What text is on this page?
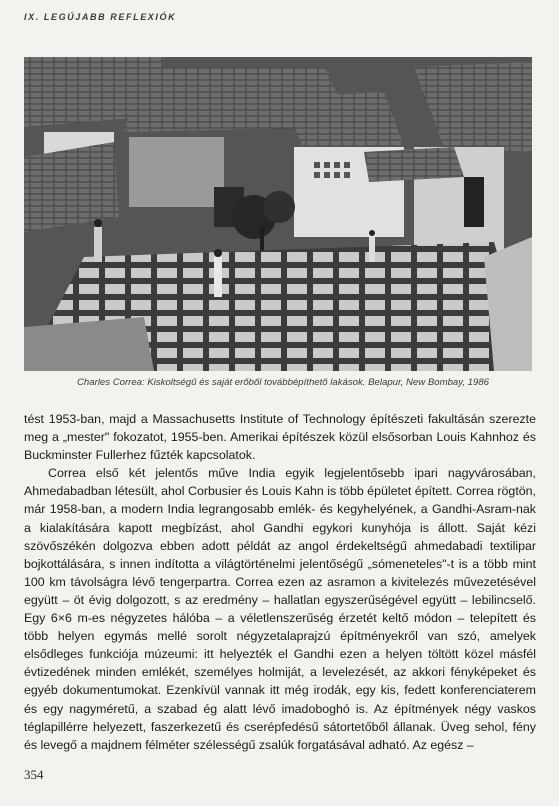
IX. LEGÚJABB REFLEXIÓK
Charles Correa: Kiskoltségű és saját erőből továbbépíthető lakások. Belapur, New Bombay, 1986

tést 1953-ban, majd a Massachusetts Institute of Technology építészeti fakultásán szerezte meg a „mester" fokozatot, 1955-ben. Amerikai építészek közül elsősorban Louis Kahnhoz és Buckminster Fullerhez fűzték kapcsolatok.

Correa első két jelentős műve India egyik legjelentősebb ipari nagyvárosában, Ahmedabadban létesült, ahol Corbusier és Louis Kahn is több épületet épített. Correa rögtön, már 1958-ban, a modern India legrangosabb emlék- és kegyhelyének, a Gandhi-Asram-nak a kialakítására kapott megbízást, ahol Gandhi egykori kunyhója is állott. Saját kézi szövőszékén dolgozva ebben adott példát az angol érdekeltségű ahmedabadi textilipar bojkottálására, s innen indította a világtörténelmi jelentőségű „sómeneteles"-t is a több mint 100 km távolságra lévő tengerpartra. Correa ezen az asramon a kivitelezés művezetésével együtt – öt évig dolgozott, s az eredmény – hallatlan egyszerűségével együtt – lebilincselő. Egy 6×6 m-es négyzetes hálóba – a véletlenszerűség érzetét keltő módon – telepített és több helyen egymás mellé sorolt négyzetalaprajzú építményekről van szó, amelyek elsődleges funkciója múzeumi: itt helyezték el Gandhi ezen a helyen töltött közel másfél évtizedének minden emlékét, személyes holmiját, a levelezését, az akkori fényképeket és egyéb dokumentumokat. Ezenkívül vannak itt még irodák, egy kis, fedett konferenciaterem és egy nagyméretű, a szabad ég alatt lévő imadoboghó is. Az építmények négy vaskos téglapillérre helyezett, faszerkezetű és cserépfedésű sátortetőből állanak. Üveg sehol, fény és levegő a majdnem félméter szélességű zsalúk forgatásával adható. Az egész –

354
